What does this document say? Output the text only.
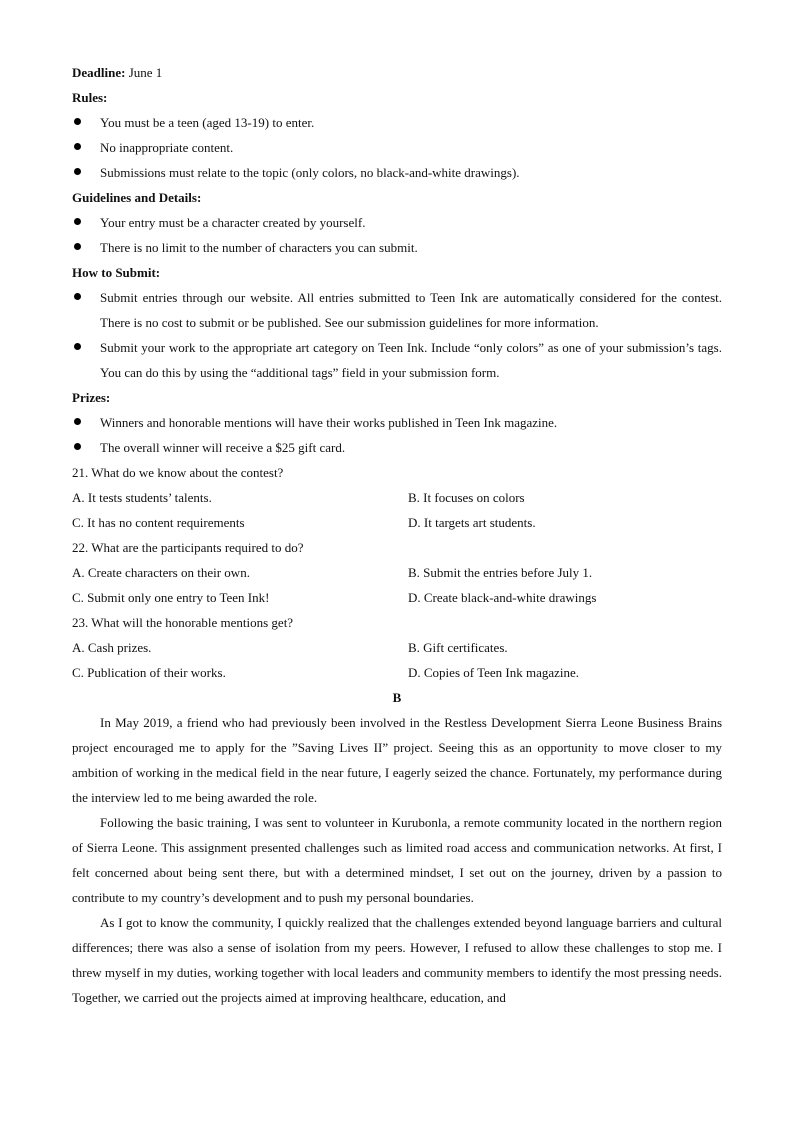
Deadline: June 1
Rules:
You must be a teen (aged 13-19) to enter.
No inappropriate content.
Submissions must relate to the topic (only colors, no black-and-white drawings).
Guidelines and Details:
Your entry must be a character created by yourself.
There is no limit to the number of characters you can submit.
How to Submit:
Submit entries through our website. All entries submitted to Teen Ink are automatically considered for the contest. There is no cost to submit or be published. See our submission guidelines for more information.
Submit your work to the appropriate art category on Teen Ink. Include “only colors” as one of your submission’s tags. You can do this by using the “additional tags” field in your submission form.
Prizes:
Winners and honorable mentions will have their works published in Teen Ink magazine.
The overall winner will receive a $25 gift card.
21. What do we know about the contest?
A. It tests students’ talents.	B. It focuses on colors
C. It has no content requirements	D. It targets art students.
22. What are the participants required to do?
A. Create characters on their own.	B. Submit the entries before July 1.
C. Submit only one entry to Teen Ink!	D. Create black-and-white drawings
23. What will the honorable mentions get?
A. Cash prizes.	B. Gift certificates.
C. Publication of their works.	D. Copies of Teen Ink magazine.
B
In May 2019, a friend who had previously been involved in the Restless Development Sierra Leone Business Brains project encouraged me to apply for the ”Saving Lives II” project. Seeing this as an opportunity to move closer to my ambition of working in the medical field in the near future, I eagerly seized the chance. Fortunately, my performance during the interview led to me being awarded the role.
Following the basic training, I was sent to volunteer in Kurubonla, a remote community located in the northern region of Sierra Leone. This assignment presented challenges such as limited road access and communication networks. At first, I felt concerned about being sent there, but with a determined mindset, I set out on the journey, driven by a passion to contribute to my country’s development and to push my personal boundaries.
As I got to know the community, I quickly realized that the challenges extended beyond language barriers and cultural differences; there was also a sense of isolation from my peers. However, I refused to allow these challenges to stop me. I threw myself in my duties, working together with local leaders and community members to identify the most pressing needs. Together, we carried out the projects aimed at improving healthcare, education, and
